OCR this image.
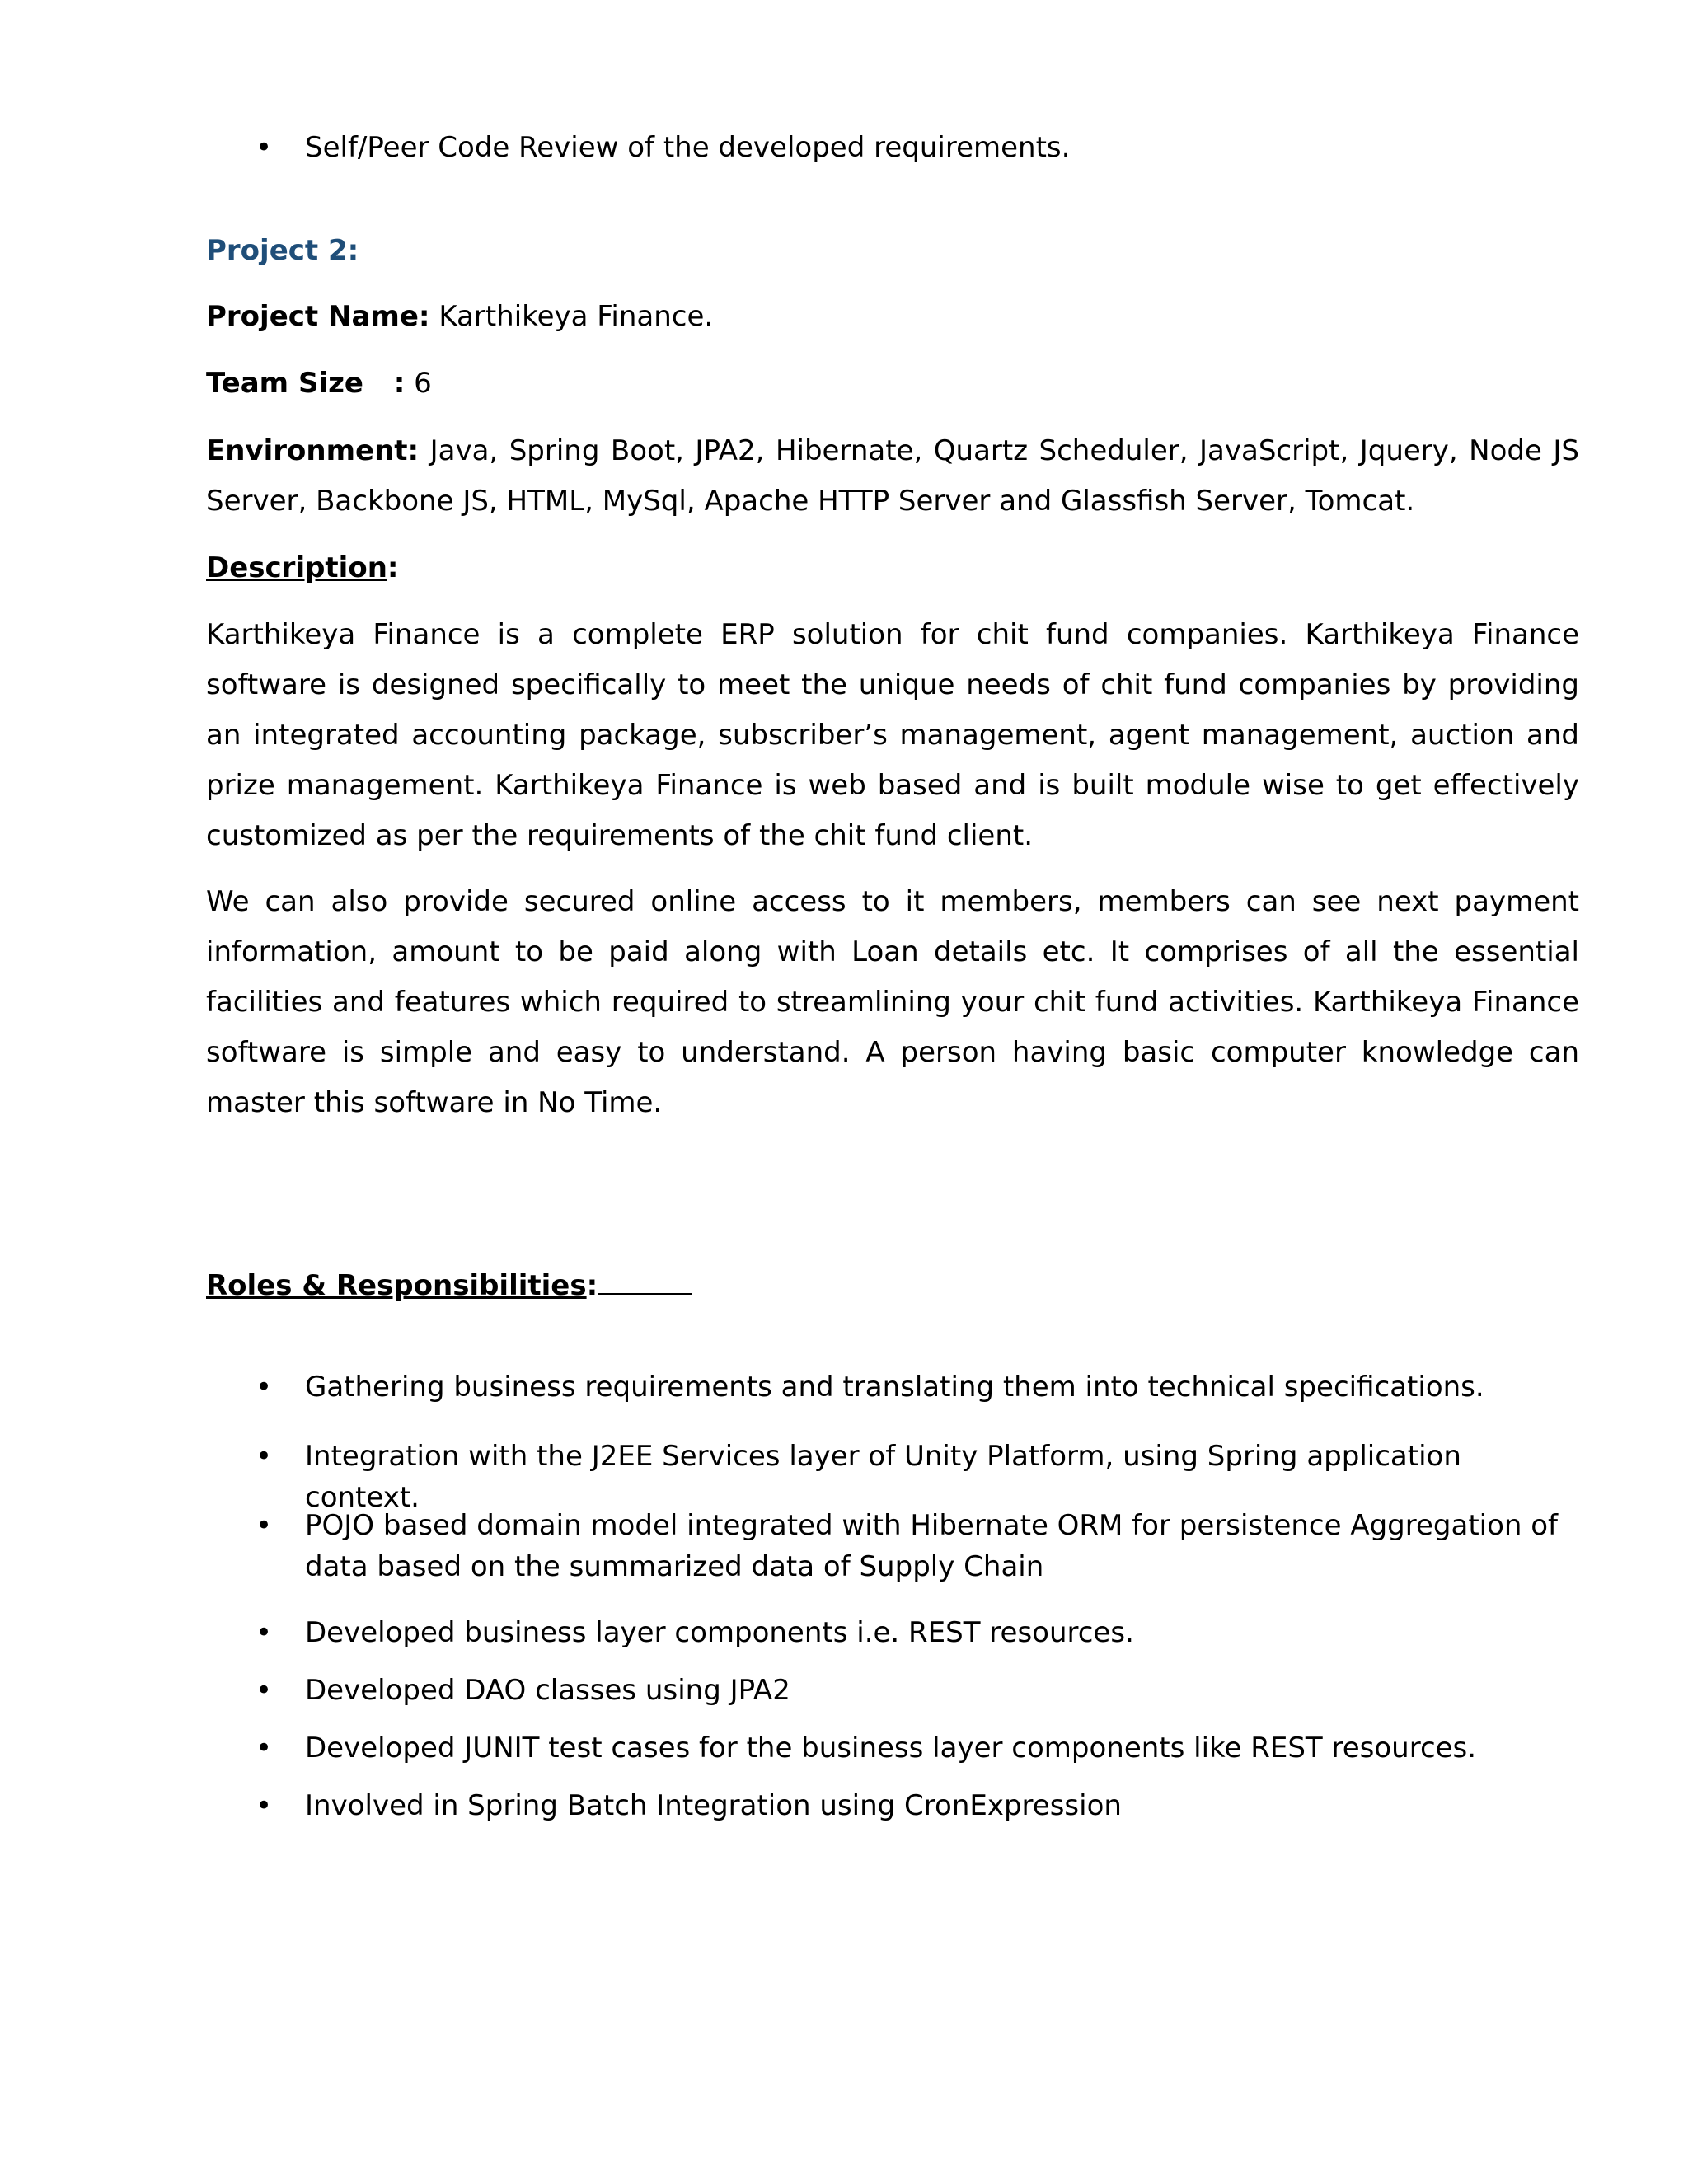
•	Self/Peer Code Review of the developed requirements.
Project 2:
Project Name: Karthikeya Finance.
Team Size : 6
Environment: Java, Spring Boot, JPA2, Hibernate, Quartz Scheduler, JavaScript, Jquery, Node JS Server, Backbone JS, HTML, MySql, Apache HTTP Server and Glassfish Server, Tomcat.
Description:
Karthikeya Finance is a complete ERP solution for chit fund companies. Karthikeya Finance software is designed specifically to meet the unique needs of chit fund companies by providing an integrated accounting package, subscriber’s management, agent management, auction and prize management. Karthikeya Finance is web based and is built module wise to get effectively customized as per the requirements of the chit fund client.
We can also provide secured online access to it members, members can see next payment information, amount to be paid along with Loan details etc. It comprises of all the essential facilities and features which required to streamlining your chit fund activities. Karthikeya Finance software is simple and easy to understand. A person having basic computer knowledge can master this software in No Time.
Roles & Responsibilities:
•	Gathering business requirements and translating them into technical specifications.
•	Integration with the J2EE Services layer of Unity Platform, using Spring application context.
•	POJO based domain model integrated with Hibernate ORM for persistence Aggregation of data based on the summarized data of Supply Chain
•	Developed business layer components i.e. REST resources.
•	Developed DAO classes using JPA2
•	Developed JUNIT test cases for the business layer components like REST resources.
•	Involved in Spring Batch Integration using CronExpression
